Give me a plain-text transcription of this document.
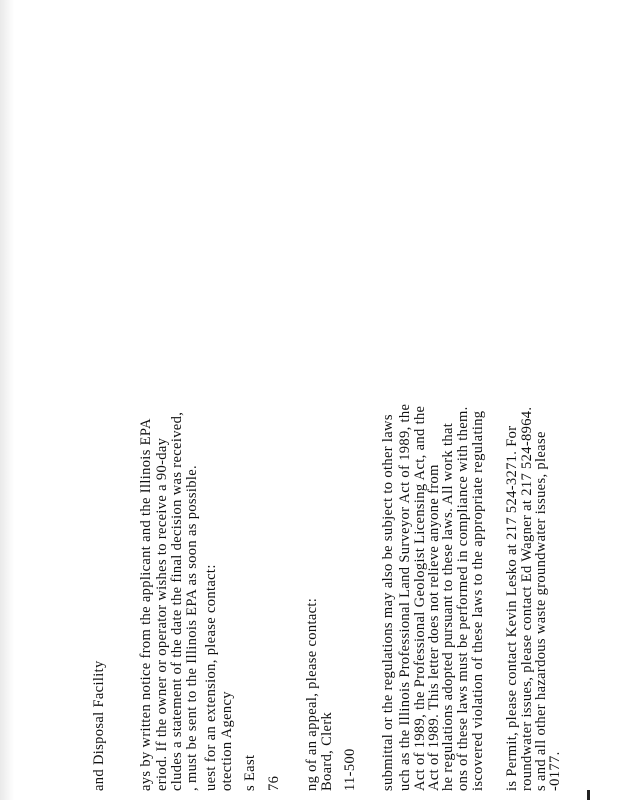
and Disposal Facility ays by written notice from the applicant and the Illinois EPA eriod. If the owner or operator wishes to receive a 90-day cludes a statement of the date the final decision was received, , must be sent to the Illinois EPA as soon as possible. uest for an extension, please contact: otection Agency s East 76 ng of an appeal, please contact: Board, Clerk 11-500 submittal or the regulations may also be subject to other laws uch as the Illinois Professional Land Surveyor Act of 1989, the Act of 1989, the Professional Geologist Licensing Act, and the
Act of 1989. This letter does not relieve anyone from
he regulations adopted pursuant to these laws. All work that ons of these laws must be performed in compliance with them. iscovered violation of these laws to the appropriate regulating is Permit, please contact Kevin Lesko at 217 524-3271. For roundwater issues, please contact Ed Wagner at 217 524-8964.
s and all other hazardous waste groundwater issues, please
-0177.
